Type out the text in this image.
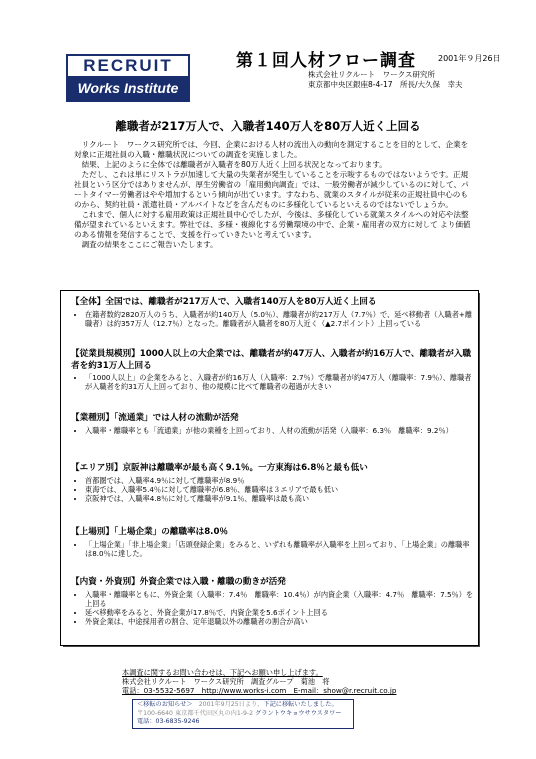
RECRUIT
Works Institute
第１回人材フロー調査	2001年９月26日
株式会社リクルート　ワークス研究所
東京都中央区銀座8-4-17　所長/大久保　幸夫
離職者が217万人で、入職者140万人を80万人近く上回る

リクルート　ワークス研究所では、今回、企業における人材の流出入の動向を測定することを目的として、企業を対象に正規社員の入職・離職状況についての調査を実施しました。

結果、上記のように全体では離職者が入職者を80万人近く上回る状況となっております。

ただし、これは単にリストラが加速して大量の失業者が発生していることを示唆するものではないようです。正規社員という区分ではありませんが、厚生労働省の「雇用動向調査」では、一般労働者が減少しているのに対して、パートタイマー労働者はやや増加するという傾向が出ています。すなわち、就業のスタイルが従来の正規社員中心のものから、契約社員・派遣社員・アルバイトなどを含んだものに多様化しているといえるのではないでしょうか。

これまで、個人に対する雇用政策は正規社員中心でしたが、今後は、多様化している就業スタイルへの対応や法整備が望まれているといえます。弊社では、多様・複線化する労働環境の中で、企業・雇用者の双方に対して より価値のある情報を発信することで、支援を行っていきたいと考えています。

調査の結果をここにご報告いたします。

【全体】全国では、離職者が217万人で、入職者140万人を80万人近く上回る
• 在籍者数約2820万人のうち、入職者が約140万人（5.0％）、離職者が約217万人（7.7％）で、延べ移動者（入職者+離職者）は約357万人（12.7％）となった。離職者が入職者を80万人近く（▲2.7ポイント）上回っている
【従業員規模別】1000人以上の大企業では、離職者が約47万人、入職者が約16万人で、離職者が入職者を約31万人上回る
• 「1000人以上」の企業をみると、入職者が約16万人（入職率：2.7％）で離職者が約47万人（離職率：7.9％）、離職者が入職者を約31万人上回っており、他の規模に比べて離職者の超過が大きい
【業種別】「流通業」では人材の流動が活発
• 入職率・離職率とも「流通業」が他の業種を上回っており、人材の流動が活発（入職率：6.3％　離職率：9.2％）
【エリア別】京阪神は離職率が最も高く9.1％。一方東海は6.8％と最も低い
• 首都圏では、入職率4.9％に対して離職率が8.9％
• 東海では、入職率5.4％に対して離職率が6.8％、離職率は３エリアで最も低い
• 京阪神では、入職率4.8％に対して離職率が9.1％、離職率は最も高い
【上場別】「上場企業」の離職率は8.0％
• 「上場企業」「非上場企業」「店頭登録企業」をみると、いずれも離職率が入職率を上回っており、「上場企業」の離職率は8.0％に達した。
【内資・外資別】外資企業では入職・離職の動きが活発
• 入職率・離職率ともに、外資企業（入職率：7.4％　離職率：10.4％）が内資企業（入職率：4.7％　離職率：7.5％）を上回る
• 延べ移動率をみると、外資企業が17.8％で、内資企業を5.6ポイント上回る
• 外資企業は、中途採用者の割合、定年退職以外の離職者の割合が高い
本調査に関するお問い合わせは、下記へお願い申し上げます。
株式会社リクルート　ワークス研究所　調査グループ　菊池　将
電話：03-5532-5697　http://www.works-i.com　E-mail：show@r.recruit.co.jp
＜移転のお知らせ＞　2001年9月25日より、下記に移転いたしました。
〒100-6640 東京都千代田区丸の内1-9-2 グラントウキョウサウスタワー
電話：03-6835-9246
